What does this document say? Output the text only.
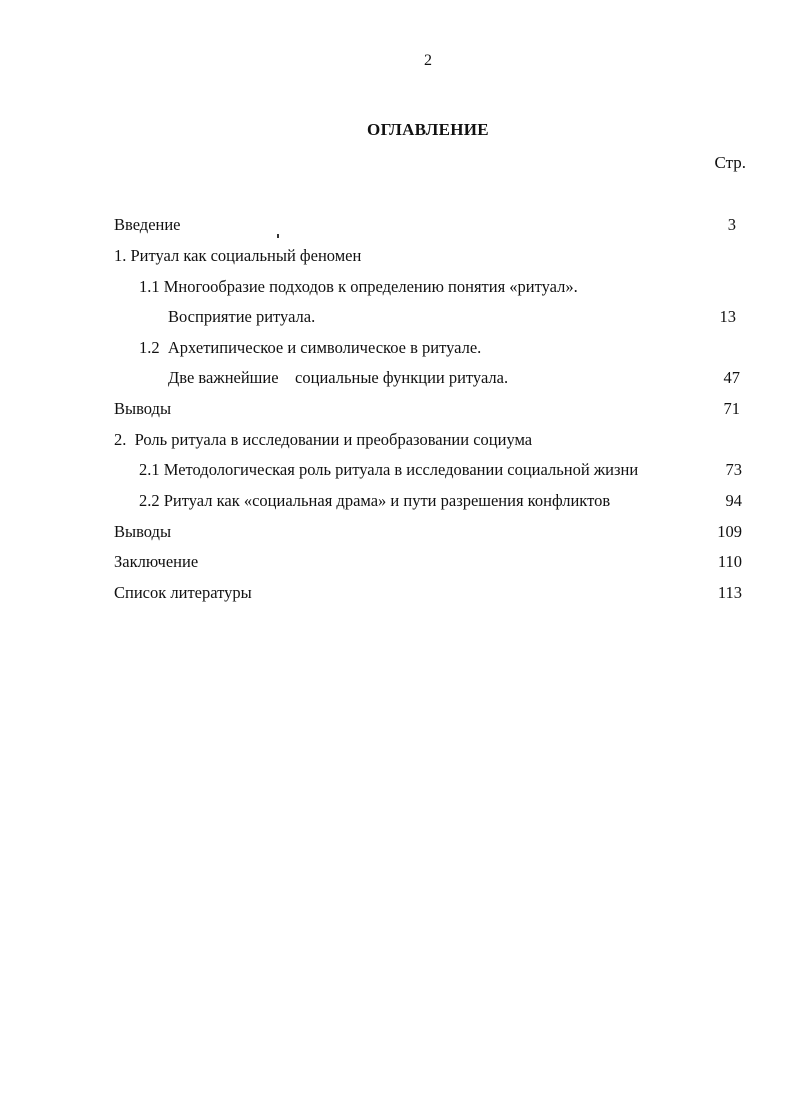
2
ОГЛАВЛЕНИЕ
Стр.
Введение	3
1. Ритуал как социальный феномен
1.1 Многообразие подходов к определению понятия «ритуал».
Восприятие ритуала.	13
1.2  Архетипическое и символическое в ритуале.
Две важнейшие    социальные функции ритуала.	47
Выводы	71
2.  Роль ритуала в исследовании и преобразовании социума
2.1 Методологическая роль ритуала в исследовании социальной жизни	73
2.2 Ритуал как «социальная драма» и пути разрешения конфликтов	94
Выводы	109
Заключение	110
Список литературы	113
